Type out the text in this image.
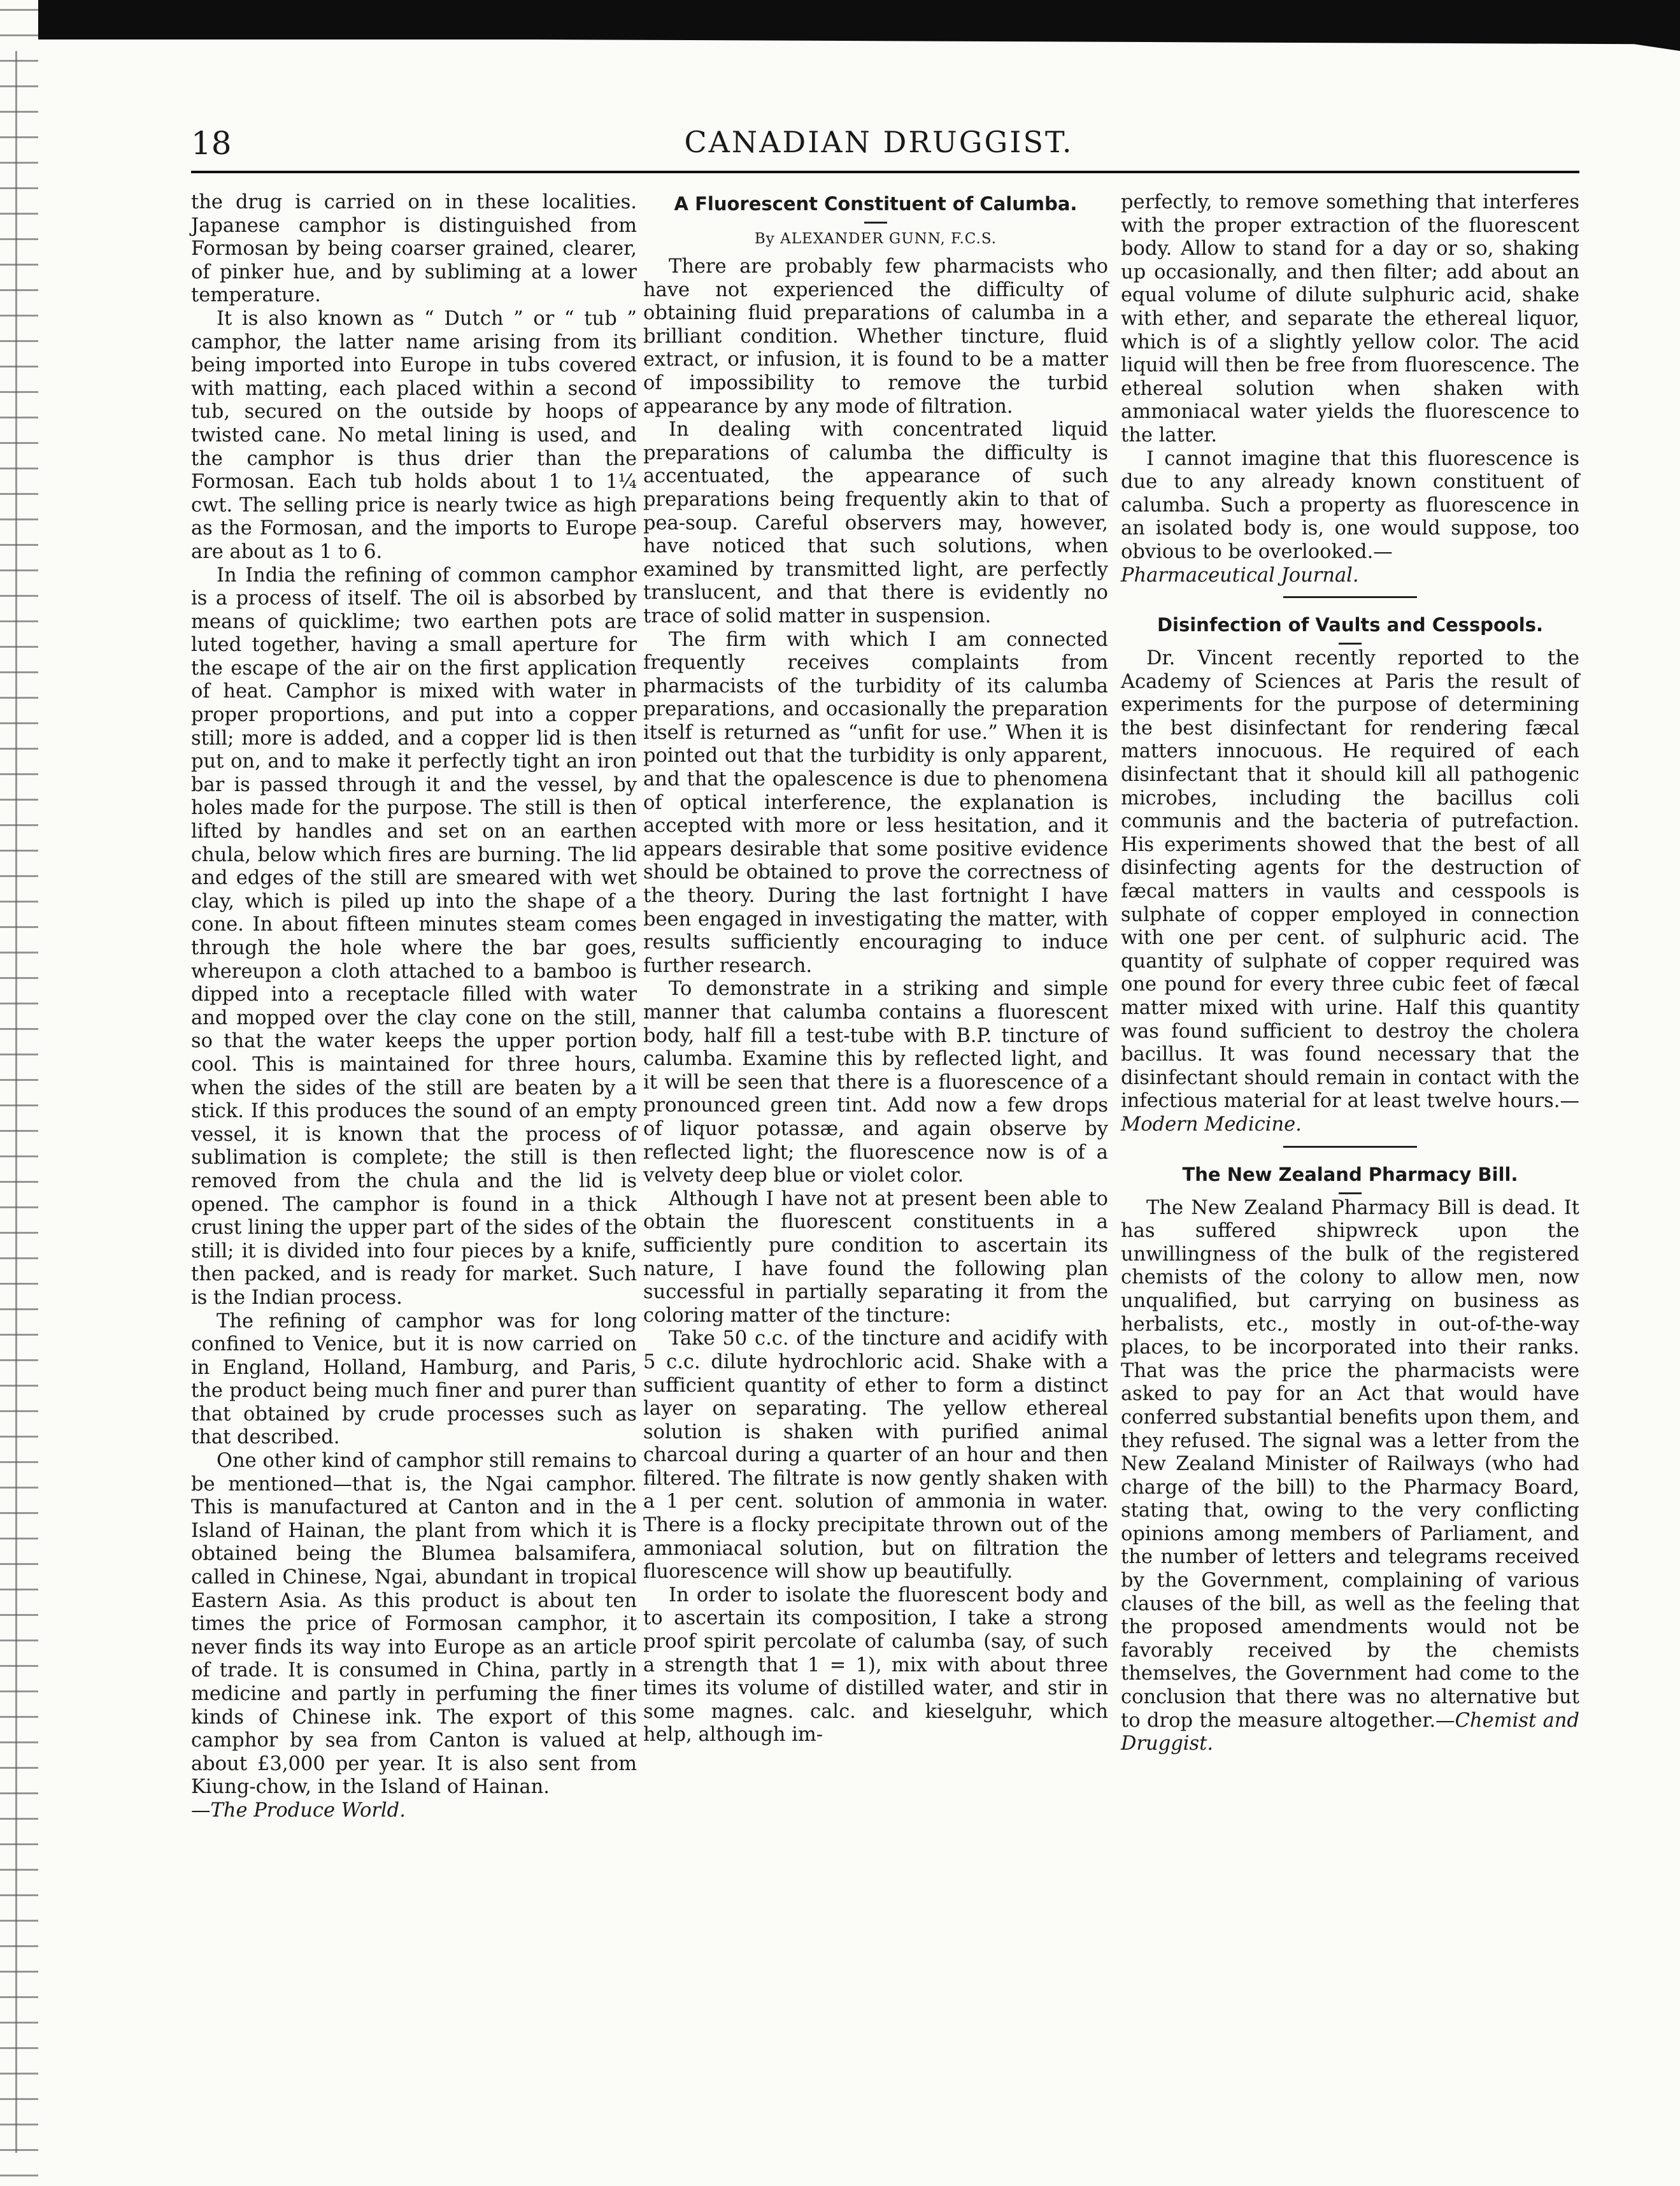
18	CANADIAN DRUGGIST.

the drug is carried on in these localities. Japanese camphor is distinguished from Formosan by being coarser grained, clearer, of pinker hue, and by subliming at a lower temperature.

It is also known as “ Dutch ” or “ tub ” camphor, the latter name arising from its being imported into Europe in tubs covered with matting, each placed within a second tub, secured on the outside by hoops of twisted cane. No metal lining is used, and the camphor is thus drier than the Formosan. Each tub holds about 1 to 1¼ cwt. The selling price is nearly twice as high as the Formosan, and the imports to Europe are about as 1 to 6.

In India the refining of common camphor is a process of itself. The oil is absorbed by means of quicklime; two earthen pots are luted together, having a small aperture for the escape of the air on the first application of heat. Camphor is mixed with water in proper proportions, and put into a copper still; more is added, and a copper lid is then put on, and to make it perfectly tight an iron bar is passed through it and the vessel, by holes made for the purpose. The still is then lifted by handles and set on an earthen chula, below which fires are burning. The lid and edges of the still are smeared with wet clay, which is piled up into the shape of a cone. In about fifteen minutes steam comes through the hole where the bar goes, whereupon a cloth attached to a bamboo is dipped into a receptacle filled with water and mopped over the clay cone on the still, so that the water keeps the upper portion cool. This is maintained for three hours, when the sides of the still are beaten by a stick. If this produces the sound of an empty vessel, it is known that the process of sublimation is complete; the still is then removed from the chula and the lid is opened. The camphor is found in a thick crust lining the upper part of the sides of the still; it is divided into four pieces by a knife, then packed, and is ready for market. Such is the Indian process.

The refining of camphor was for long confined to Venice, but it is now carried on in England, Holland, Hamburg, and Paris, the product being much finer and purer than that obtained by crude processes such as that described.

One other kind of camphor still remains to be mentioned—that is, the Ngai camphor. This is manufactured at Canton and in the Island of Hainan, the plant from which it is obtained being the Blumea balsamifera, called in Chinese, Ngai, abundant in tropical Eastern Asia. As this product is about ten times the price of Formosan camphor, it never finds its way into Europe as an article of trade. It is consumed in China, partly in medicine and partly in perfuming the finer kinds of Chinese ink. The export of this camphor by sea from Canton is valued at about £3,000 per year. It is also sent from Kiung-chow, in the Island of Hainan.

—The Produce World.

A Fluorescent Constituent of Calumba.
By ALEXANDER GUNN, F.C.S.

There are probably few pharmacists who have not experienced the difficulty of obtaining fluid preparations of calumba in a brilliant condition. Whether tincture, fluid extract, or infusion, it is found to be a matter of impossibility to remove the turbid appearance by any mode of filtration.

In dealing with concentrated liquid preparations of calumba the difficulty is accentuated, the appearance of such preparations being frequently akin to that of pea-soup. Careful observers may, however, have noticed that such solutions, when examined by transmitted light, are perfectly translucent, and that there is evidently no trace of solid matter in suspension.

The firm with which I am connected frequently receives complaints from pharmacists of the turbidity of its calumba preparations, and occasionally the preparation itself is returned as “unfit for use.” When it is pointed out that the turbidity is only apparent, and that the opalescence is due to phenomena of optical interference, the explanation is accepted with more or less hesitation, and it appears desirable that some positive evidence should be obtained to prove the correctness of the theory. During the last fortnight I have been engaged in investigating the matter, with results sufficiently encouraging to induce further research.

To demonstrate in a striking and simple manner that calumba contains a fluorescent body, half fill a test-tube with B.P. tincture of calumba. Examine this by reflected light, and it will be seen that there is a fluorescence of a pronounced green tint. Add now a few drops of liquor potassæ, and again observe by reflected light; the fluorescence now is of a velvety deep blue or violet color.

Although I have not at present been able to obtain the fluorescent constituents in a sufficiently pure condition to ascertain its nature, I have found the following plan successful in partially separating it from the coloring matter of the tincture:

Take 50 c.c. of the tincture and acidify with 5 c.c. dilute hydrochloric acid. Shake with a sufficient quantity of ether to form a distinct layer on separating. The yellow ethereal solution is shaken with purified animal charcoal during a quarter of an hour and then filtered. The filtrate is now gently shaken with a 1 per cent. solution of ammonia in water. There is a flocky precipitate thrown out of the ammoniacal solution, but on filtration the fluorescence will show up beautifully.

In order to isolate the fluorescent body and to ascertain its composition, I take a strong proof spirit percolate of calumba (say, of such a strength that 1 = 1), mix with about three times its volume of distilled water, and stir in some magnes. calc. and kieselguhr, which help, although im-

perfectly, to remove something that interferes with the proper extraction of the fluorescent body. Allow to stand for a day or so, shaking up occasionally, and then filter; add about an equal volume of dilute sulphuric acid, shake with ether, and separate the ethereal liquor, which is of a slightly yellow color. The acid liquid will then be free from fluorescence. The ethereal solution when shaken with ammoniacal water yields the fluorescence to the latter.

I cannot imagine that this fluorescence is due to any already known constituent of calumba. Such a property as fluorescence in an isolated body is, one would suppose, too obvious to be overlooked.—

Pharmaceutical Journal.

Disinfection of Vaults and Cesspools.

Dr. Vincent recently reported to the Academy of Sciences at Paris the result of experiments for the purpose of determining the best disinfectant for rendering fæcal matters innocuous. He required of each disinfectant that it should kill all pathogenic microbes, including the bacillus coli communis and the bacteria of putrefaction. His experiments showed that the best of all disinfecting agents for the destruction of fæcal matters in vaults and cesspools is sulphate of copper employed in connection with one per cent. of sulphuric acid. The quantity of sulphate of copper required was one pound for every three cubic feet of fæcal matter mixed with urine. Half this quantity was found sufficient to destroy the cholera bacillus. It was found necessary that the disinfectant should remain in contact with the infectious material for at least twelve hours.—Modern Medicine.

The New Zealand Pharmacy Bill.

The New Zealand Pharmacy Bill is dead. It has suffered shipwreck upon the unwillingness of the bulk of the registered chemists of the colony to allow men, now unqualified, but carrying on business as herbalists, etc., mostly in out-of-the-way places, to be incorporated into their ranks. That was the price the pharmacists were asked to pay for an Act that would have conferred substantial benefits upon them, and they refused. The signal was a letter from the New Zealand Minister of Railways (who had charge of the bill) to the Pharmacy Board, stating that, owing to the very conflicting opinions among members of Parliament, and the number of letters and telegrams received by the Government, complaining of various clauses of the bill, as well as the feeling that the proposed amendments would not be favorably received by the chemists themselves, the Government had come to the conclusion that there was no alternative but to drop the measure altogether.—Chemist and Druggist.
